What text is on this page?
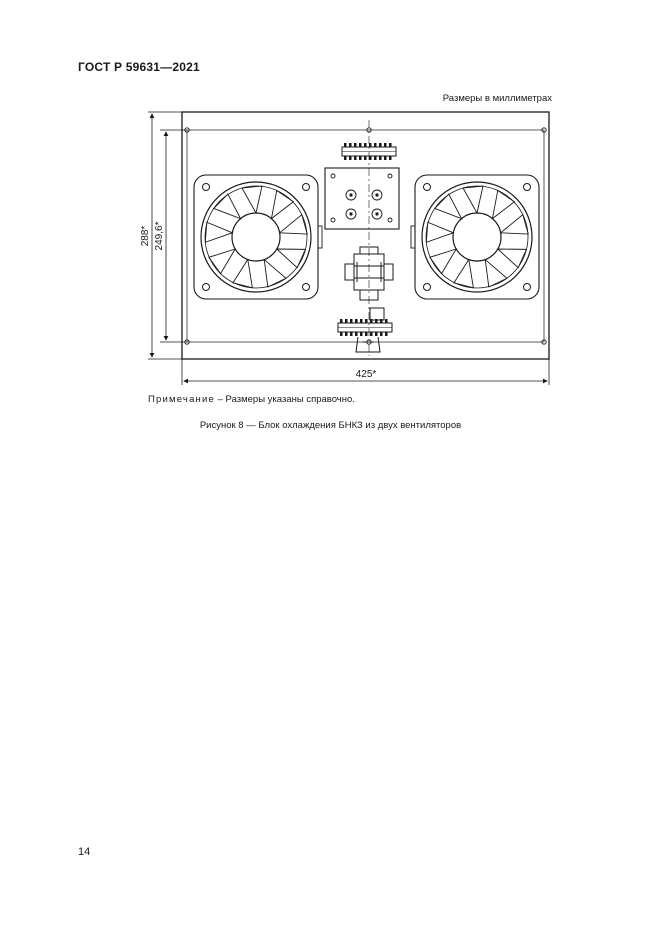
ГОСТ Р 59631—2021
Размеры в миллиметрах
288* 249,6*
425*
Примечание – Размеры указаны справочно.
Рисунок 8 — Блок охлаждения БНКЗ из двух вентиляторов
14
